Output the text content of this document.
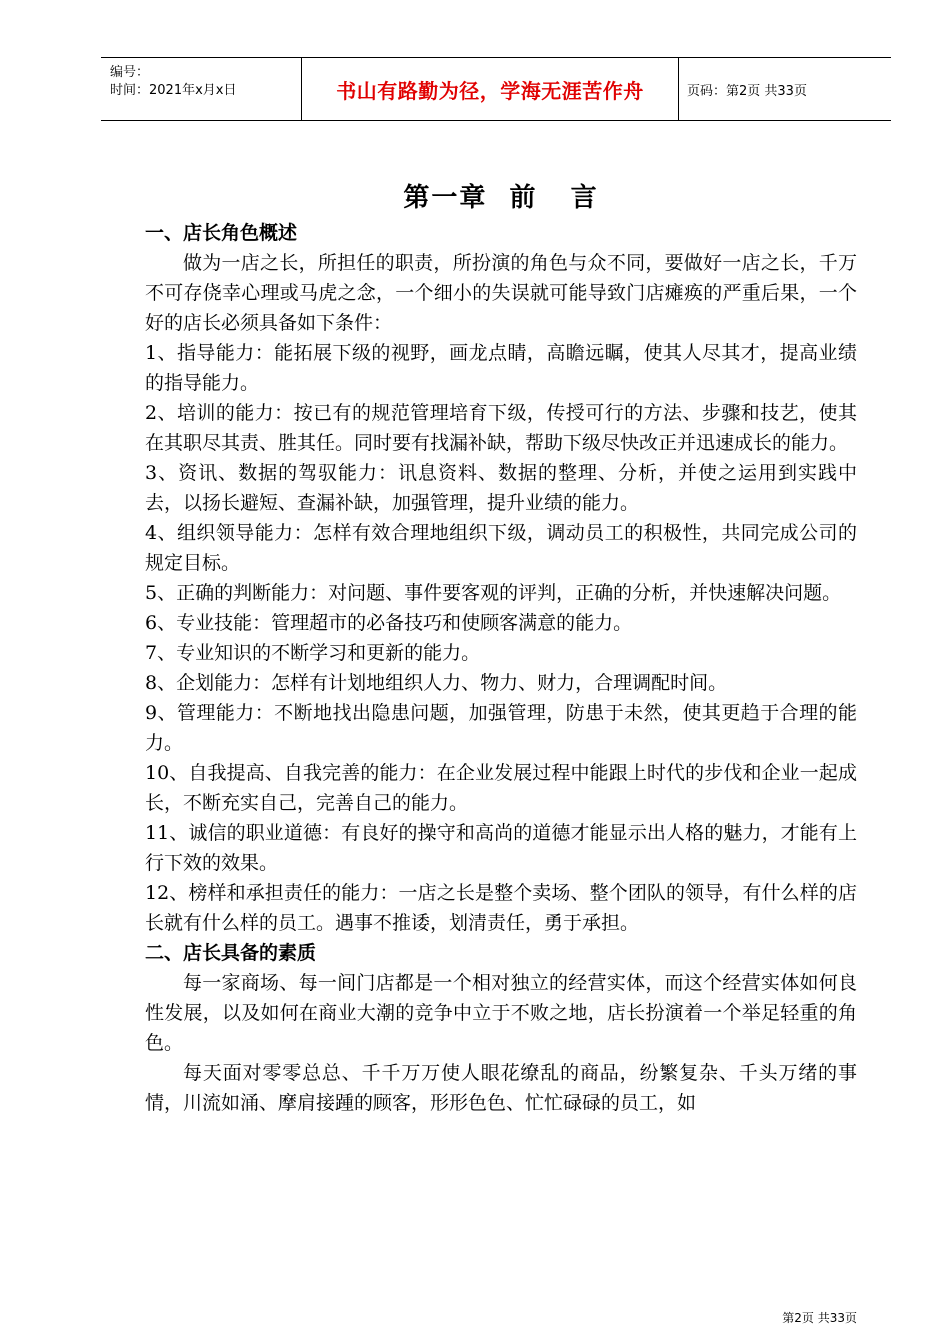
编号：
时间：2021年x月x日	书山有路勤为径，学海无涯苦作舟	页码：第2页 共33页
第一章  前   言
一、店长角色概述

做为一店之长，所担任的职责，所扮演的角色与众不同，要做好一店之长，千万不可存侥幸心理或马虎之念，一个细小的失误就可能导致门店瘫痪的严重后果，一个好的店长必须具备如下条件：

1、指导能力：能拓展下级的视野，画龙点睛，高瞻远瞩，使其人尽其才，提高业绩的指导能力。

2、培训的能力：按已有的规范管理培育下级，传授可行的方法、步骤和技艺，使其在其职尽其责、胜其任。同时要有找漏补缺，帮助下级尽快改正并迅速成长的能力。

3、资讯、数据的驾驭能力：讯息资料、数据的整理、分析，并使之运用到实践中去，以扬长避短、查漏补缺，加强管理，提升业绩的能力。

4、组织领导能力：怎样有效合理地组织下级，调动员工的积极性，共同完成公司的规定目标。

5、正确的判断能力：对问题、事件要客观的评判，正确的分析，并快速解决问题。

6、专业技能：管理超市的必备技巧和使顾客满意的能力。

7、专业知识的不断学习和更新的能力。

8、企划能力：怎样有计划地组织人力、物力、财力，合理调配时间。

9、管理能力：不断地找出隐患问题，加强管理，防患于未然，使其更趋于合理的能力。

10、自我提高、自我完善的能力：在企业发展过程中能跟上时代的步伐和企业一起成长，不断充实自己，完善自己的能力。

11、诚信的职业道德：有良好的操守和高尚的道德才能显示出人格的魅力，才能有上行下效的效果。

12、榜样和承担责任的能力：一店之长是整个卖场、整个团队的领导，有什么样的店长就有什么样的员工。遇事不推诿，划清责任，勇于承担。

二、店长具备的素质

每一家商场、每一间门店都是一个相对独立的经营实体，而这个经营实体如何良性发展，以及如何在商业大潮的竞争中立于不败之地，店长扮演着一个举足轻重的角色。

每天面对零零总总、千千万万使人眼花缭乱的商品，纷繁复杂、千头万绪的事情，川流如涌、摩肩接踵的顾客，形形色色、忙忙碌碌的员工，如

第2页 共33页
